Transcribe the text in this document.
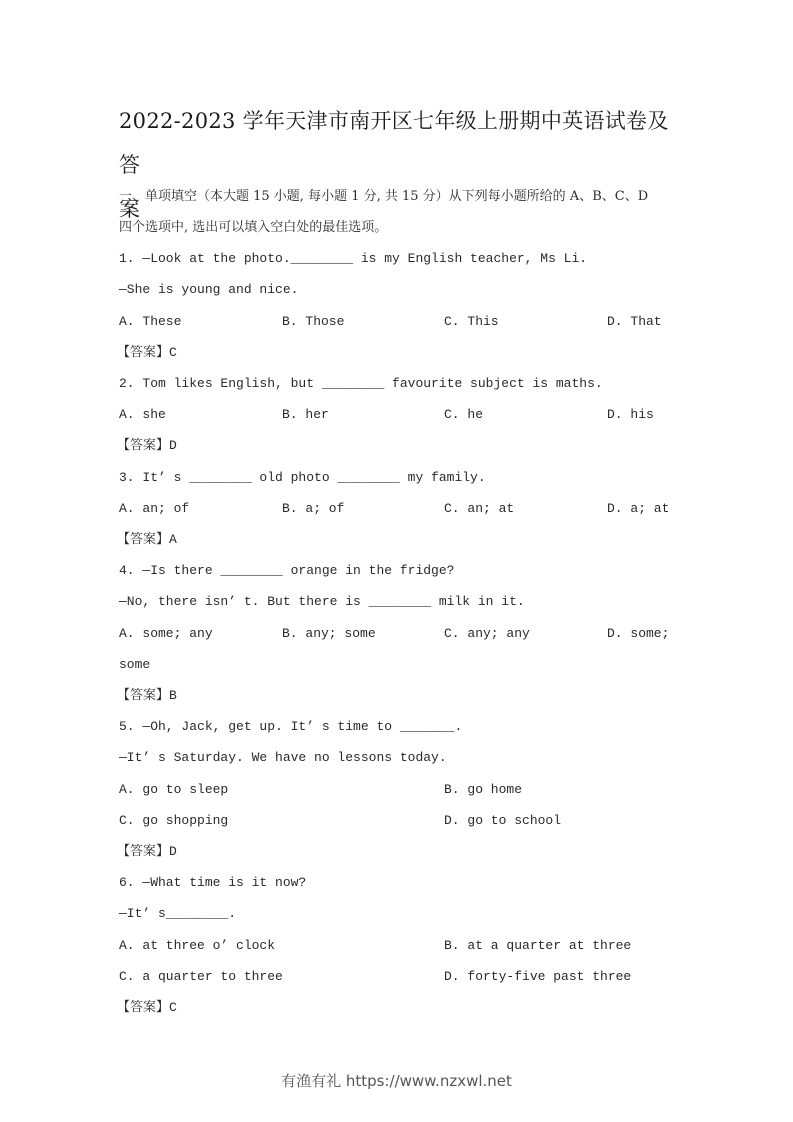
2022-2023 学年天津市南开区七年级上册期中英语试卷及答
案
一、单项填空（本大题 15 小题, 每小题 1 分, 共 15 分）从下列每小题所给的 A、B、C、D
四个选项中, 选出可以填入空白处的最佳选项。
1. —Look at the photo.________ is my English teacher, Ms Li.
—She is young and nice.
A. These	B. Those	C. This	D. That
【答案】C
2. Tom likes English, but ________ favourite subject is maths.
A. she	B. her	C. he	D. his
【答案】D
3. It’ s ________ old photo ________ my family.
A. an; of	B. a; of	C. an; at	D. a; at
【答案】A
4. —Is there ________ orange in the fridge?
—No, there isn’ t. But there is ________ milk in it.
A. some; any	B. any; some	C. any; any	D. some;
some
【答案】B
5. —Oh, Jack, get up. It’ s time to _______.
—It’ s Saturday. We have no lessons today.
A. go to sleep	B. go home
C. go shopping	D. go to school
【答案】D
6. —What time is it now?
—It’ s________.
A. at three o’ clock	B. at a quarter at three
C. a quarter to three	D. forty-five past three
【答案】C
有渔有礼 https://www.nzxwl.net
